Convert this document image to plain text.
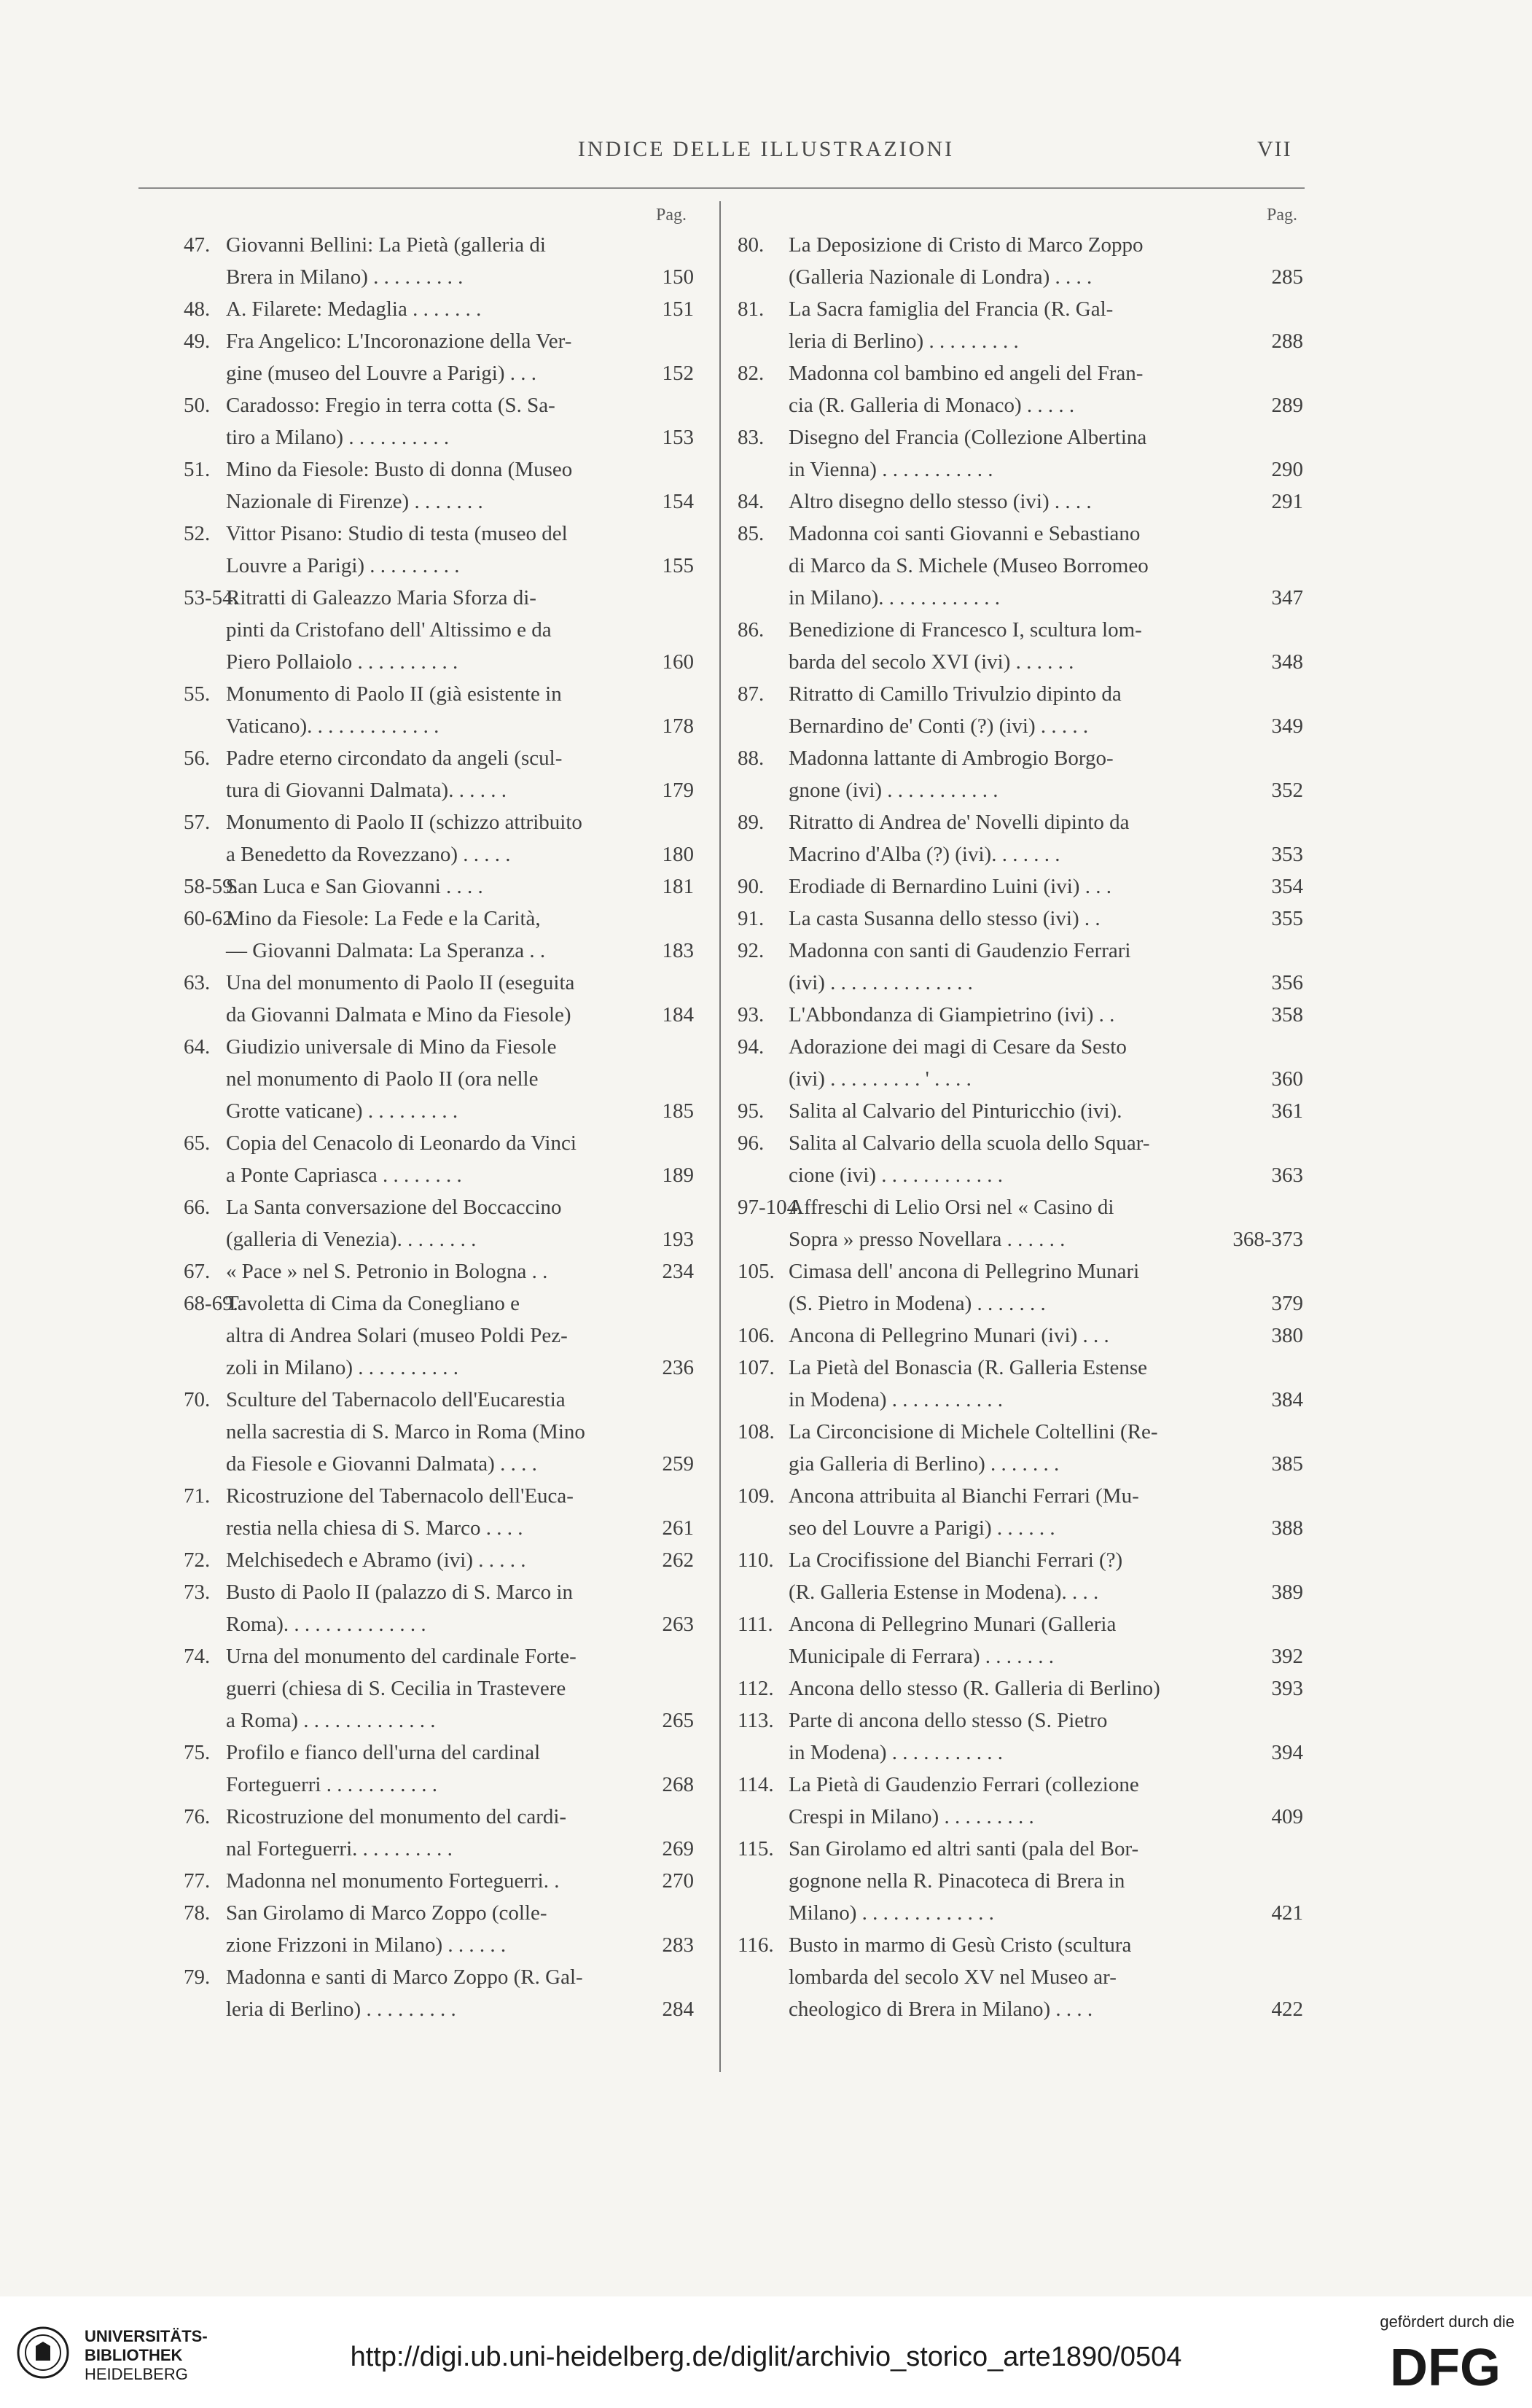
INDICE DELLE ILLUSTRAZIONI	VII
Pag.
47. Giovanni Bellini: La Pietà (galleria di
Brera in Milano) . . . . . . . . .	150
48. A. Filarete: Medaglia . . . . . . .	151
49. Fra Angelico: L'Incoronazione della Ver-
gine (museo del Louvre a Parigi) . . .	152
50. Caradosso: Fregio in terra cotta (S. Sa-
tiro a Milano) . . . . . . . . . .	153
51. Mino da Fiesole: Busto di donna (Museo
Nazionale di Firenze) . . . . . . .	154
52. Vittor Pisano: Studio di testa (museo del
Louvre a Parigi) . . . . . . . . .	155
53-54.
Ritratti di Galeazzo Maria Sforza di-
pinti da Cristofano dell' Altissimo e da
Piero Pollaiolo . . . . . . . . . .	160
55. Monumento di Paolo II (già esistente in
Vaticano). . . . . . . . . . . . .	178
56. Padre eterno circondato da angeli (scul-
tura di Giovanni Dalmata). . . . . .	179
57. Monumento di Paolo II (schizzo attribuito
a Benedetto da Rovezzano) . . . . .	180
58-59.
San Luca e San Giovanni . . . .	181
60-62.
Mino da Fiesole: La Fede e la Carità,
— Giovanni Dalmata: La Speranza . .	183
63. Una del monumento di Paolo II (eseguita
da Giovanni Dalmata e Mino da Fiesole)	184
64. Giudizio universale di Mino da Fiesole
nel monumento di Paolo II (ora nelle
Grotte vaticane) . . . . . . . . .	185
65. Copia del Cenacolo di Leonardo da Vinci
a Ponte Capriasca . . . . . . . .	189
66. La Santa conversazione del Boccaccino
(galleria di Venezia). . . . . . . .	193
67. « Pace » nel S. Petronio in Bologna . .	234
68-69.
Tavoletta di Cima da Conegliano e
altra di Andrea Solari (museo Poldi Pez-
zoli in Milano) . . . . . . . . . .	236
70. Sculture del Tabernacolo dell'Eucarestia
nella sacrestia di S. Marco in Roma (Mino
da Fiesole e Giovanni Dalmata) . . . .	259
71. Ricostruzione del Tabernacolo dell'Euca-
restia nella chiesa di S. Marco . . . .	261
72. Melchisedech e Abramo (ivi) . . . . .	262
73. Busto di Paolo II (palazzo di S. Marco in
Roma). . . . . . . . . . . . . .	263
74. Urna del monumento del cardinale Forte-
guerri (chiesa di S. Cecilia in Trastevere
a Roma) . . . . . . . . . . . . .	265
75. Profilo e fianco dell'urna del cardinal
Forteguerri . . . . . . . . . . .	268
76. Ricostruzione del monumento del cardi-
nal Forteguerri. . . . . . . . . .	269
77. Madonna nel monumento Forteguerri. .	270
78. San Girolamo di Marco Zoppo (colle-
zione Frizzoni in Milano) . . . . . .	283
79. Madonna e santi di Marco Zoppo (R. Gal-
leria di Berlino) . . . . . . . . .	284
Pag.
80.	La Deposizione di Cristo di Marco Zoppo
(Galleria Nazionale di Londra) . . . .	285
81.	La Sacra famiglia del Francia (R. Gal-
leria di Berlino) . . . . . . . . .	288
82.	Madonna col bambino ed angeli del Fran-
cia (R. Galleria di Monaco) . . . . .	289
83.	Disegno del Francia (Collezione Albertina
in Vienna) . . . . . . . . . . .	290
84.	Altro disegno dello stesso (ivi) . . . .	291
85.	Madonna coi santi Giovanni e Sebastiano
di Marco da S. Michele (Museo Borromeo
in Milano). . . . . . . . . . . .	347
86.	Benedizione di Francesco I, scultura lom-
barda del secolo XVI (ivi) . . . . . .	348
87.	Ritratto di Camillo Trivulzio dipinto da
Bernardino de' Conti (?) (ivi) . . . . .	349
88.	Madonna lattante di Ambrogio Borgo-
gnone (ivi) . . . . . . . . . . .	352
89.	Ritratto di Andrea de' Novelli dipinto da
Macrino d'Alba (?) (ivi). . . . . . .	353
90.	Erodiade di Bernardino Luini (ivi) . . .	354
91.	La casta Susanna dello stesso (ivi) . .	355
92.	Madonna con santi di Gaudenzio Ferrari
(ivi) . . . . . . . . . . . . . .	356
93.	L'Abbondanza di Giampietrino (ivi) . .	358
94.	Adorazione dei magi di Cesare da Sesto
(ivi) . . . . . . . . . ' . . . .	360
95.	Salita al Calvario del Pinturicchio (ivi).	361
96.	Salita al Calvario della scuola dello Squar-
cione (ivi) . . . . . . . . . . . .	363
97-104.
Affreschi di Lelio Orsi nel « Casino di
Sopra » presso Novellara . . . . . .	368-373
105. Cimasa dell' ancona di Pellegrino Munari
(S. Pietro in Modena) . . . . . . .	379
106. Ancona di Pellegrino Munari (ivi) . . .	380
107. La Pietà del Bonascia (R. Galleria Estense
in Modena) . . . . . . . . . . .	384
108. La Circoncisione di Michele Coltellini (Re-
gia Galleria di Berlino) . . . . . . .	385
109. Ancona attribuita al Bianchi Ferrari (Mu-
seo del Louvre a Parigi) . . . . . .	388
110. La Crocifissione del Bianchi Ferrari (?)
(R. Galleria Estense in Modena). . . .	389
111. Ancona di Pellegrino Munari (Galleria
Municipale di Ferrara) . . . . . . .	392
112. Ancona dello stesso (R. Galleria di Berlino)	393
113. Parte di ancona dello stesso (S. Pietro
in Modena) . . . . . . . . . . .	394
114. La Pietà di Gaudenzio Ferrari (collezione
Crespi in Milano) . . . . . . . . .	409
115. San Girolamo ed altri santi (pala del Bor-
gognone nella R. Pinacoteca di Brera in
Milano) . . . . . . . . . . . . .	421
116. Busto in marmo di Gesù Cristo (scultura
lombarda del secolo XV nel Museo ar-
cheologico di Brera in Milano) . . . .	422
UNIVERSITÄTS-
BIBLIOTHEK
HEIDELBERG
http://digi.ub.uni-heidelberg.de/diglit/archivio_storico_arte1890/0504
gefördert durch die
DFG
